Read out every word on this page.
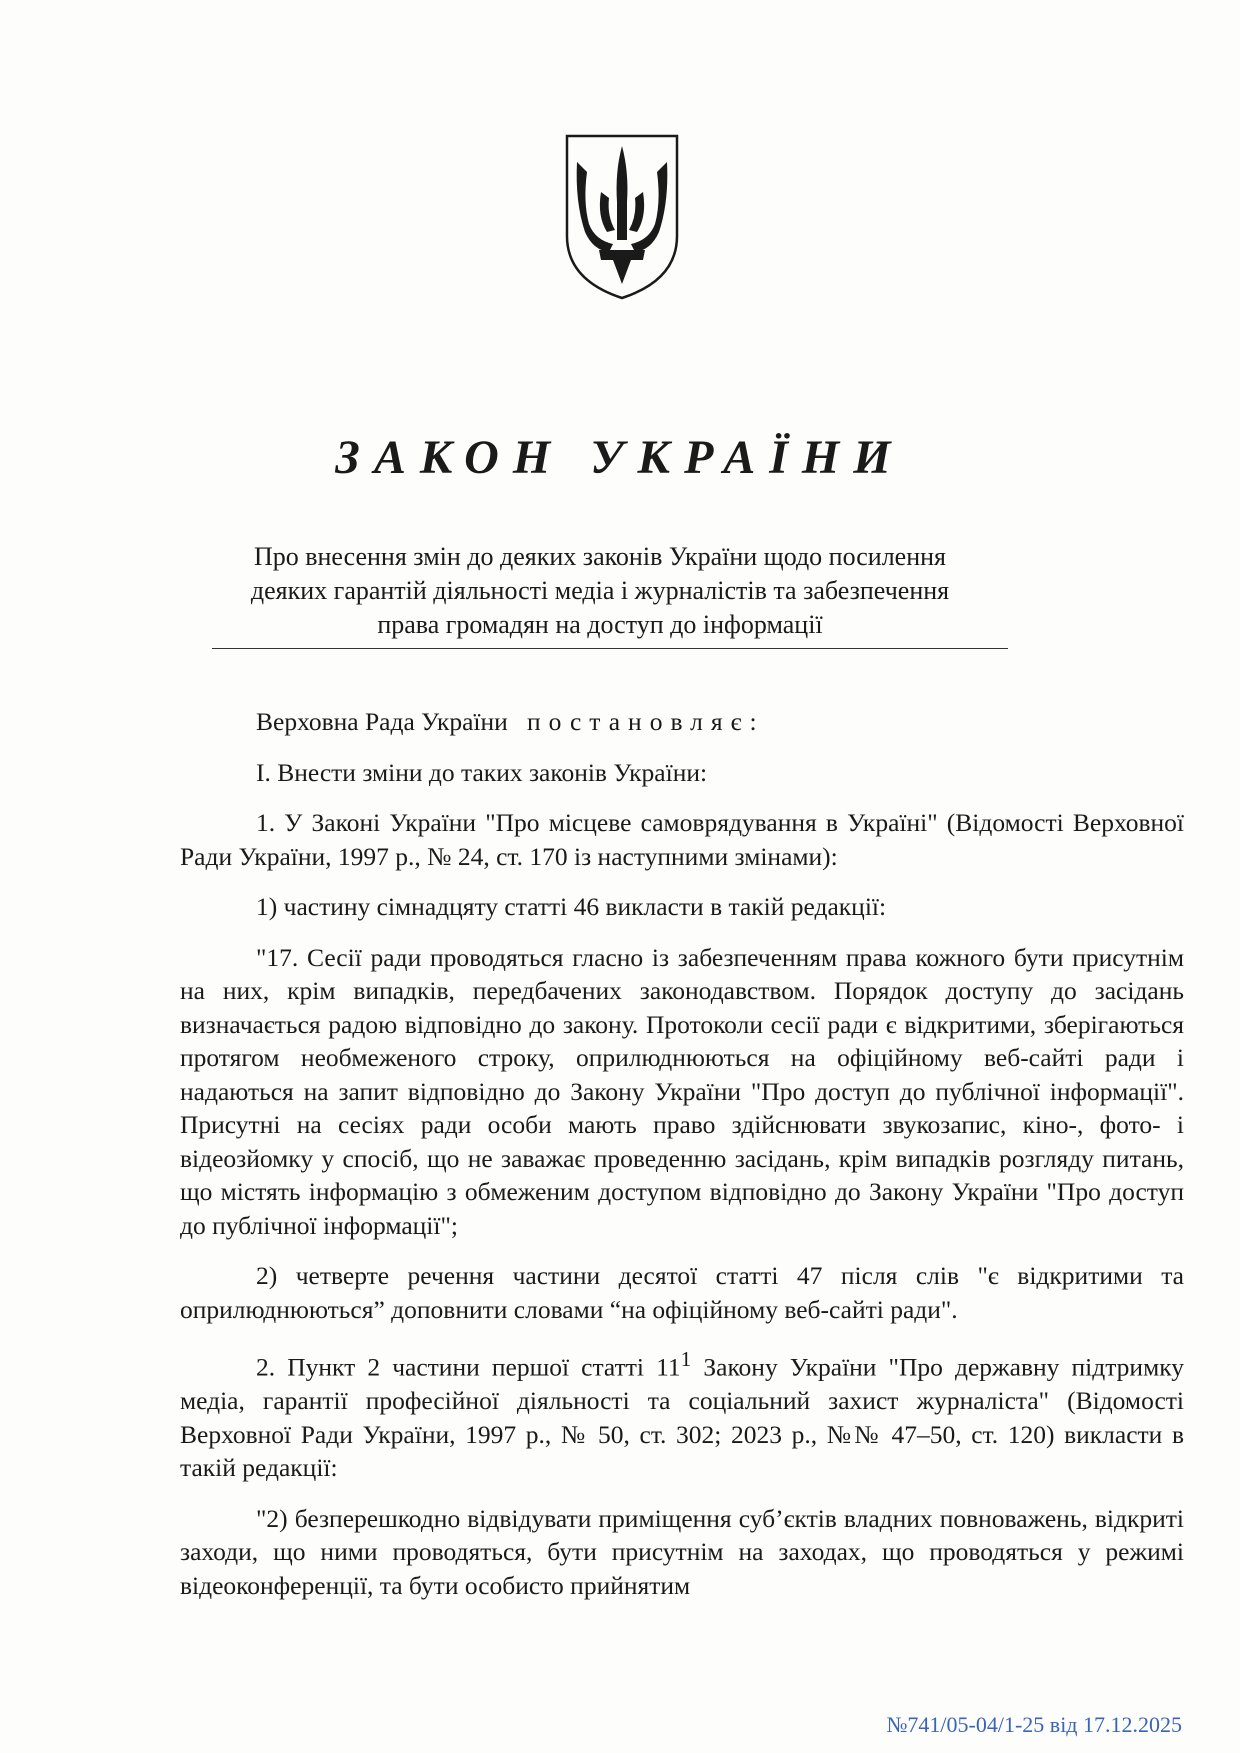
ЗАКОН УКРАЇНИ
Про внесення змін до деяких законів України щодо посилення
деяких гарантій діяльності медіа і журналістів та забезпечення
права громадян на доступ до інформації

Верховна Рада України постановляє:

І. Внести зміни до таких законів України:

1. У Законі України "Про місцеве самоврядування в Україні" (Відомості Верховної Ради України, 1997 р., № 24, ст. 170 із наступними змінами):

1) частину сімнадцяту статті 46 викласти в такій редакції:

"17. Сесії ради проводяться гласно із забезпеченням права кожного бути присутнім на них, крім випадків, передбачених законодавством. Порядок доступу до засідань визначається радою відповідно до закону. Протоколи сесії ради є відкритими, зберігаються протягом необмеженого строку, оприлюднюються на офіційному веб-сайті ради і надаються на запит відповідно до Закону України "Про доступ до публічної інформації". Присутні на сесіях ради особи мають право здійснювати звукозапис, кіно-, фото- і відеозйомку у спосіб, що не заважає проведенню засідань, крім випадків розгляду питань, що містять інформацію з обмеженим доступом відповідно до Закону України "Про доступ до публічної інформації";

2) четверте речення частини десятої статті 47 після слів "є відкритими та оприлюднюються” доповнити словами “на офіційному веб-сайті ради".

2. Пункт 2 частини першої статті $11^1$ Закону України "Про державну підтримку медіа, гарантії професійної діяльності та соціальний захист журналіста" (Відомості Верховної Ради України, 1997 р., № 50, ст. 302; 2023 р., №№ 47–50, ст. 120) викласти в такій редакції:

"2) безперешкодно відвідувати приміщення суб’єктів владних повноважень, відкриті заходи, що ними проводяться, бути присутнім на заходах, що проводяться у режимі відеоконференції, та бути особисто прийнятим

№741/05-04/1-25 від 17.12.2025
